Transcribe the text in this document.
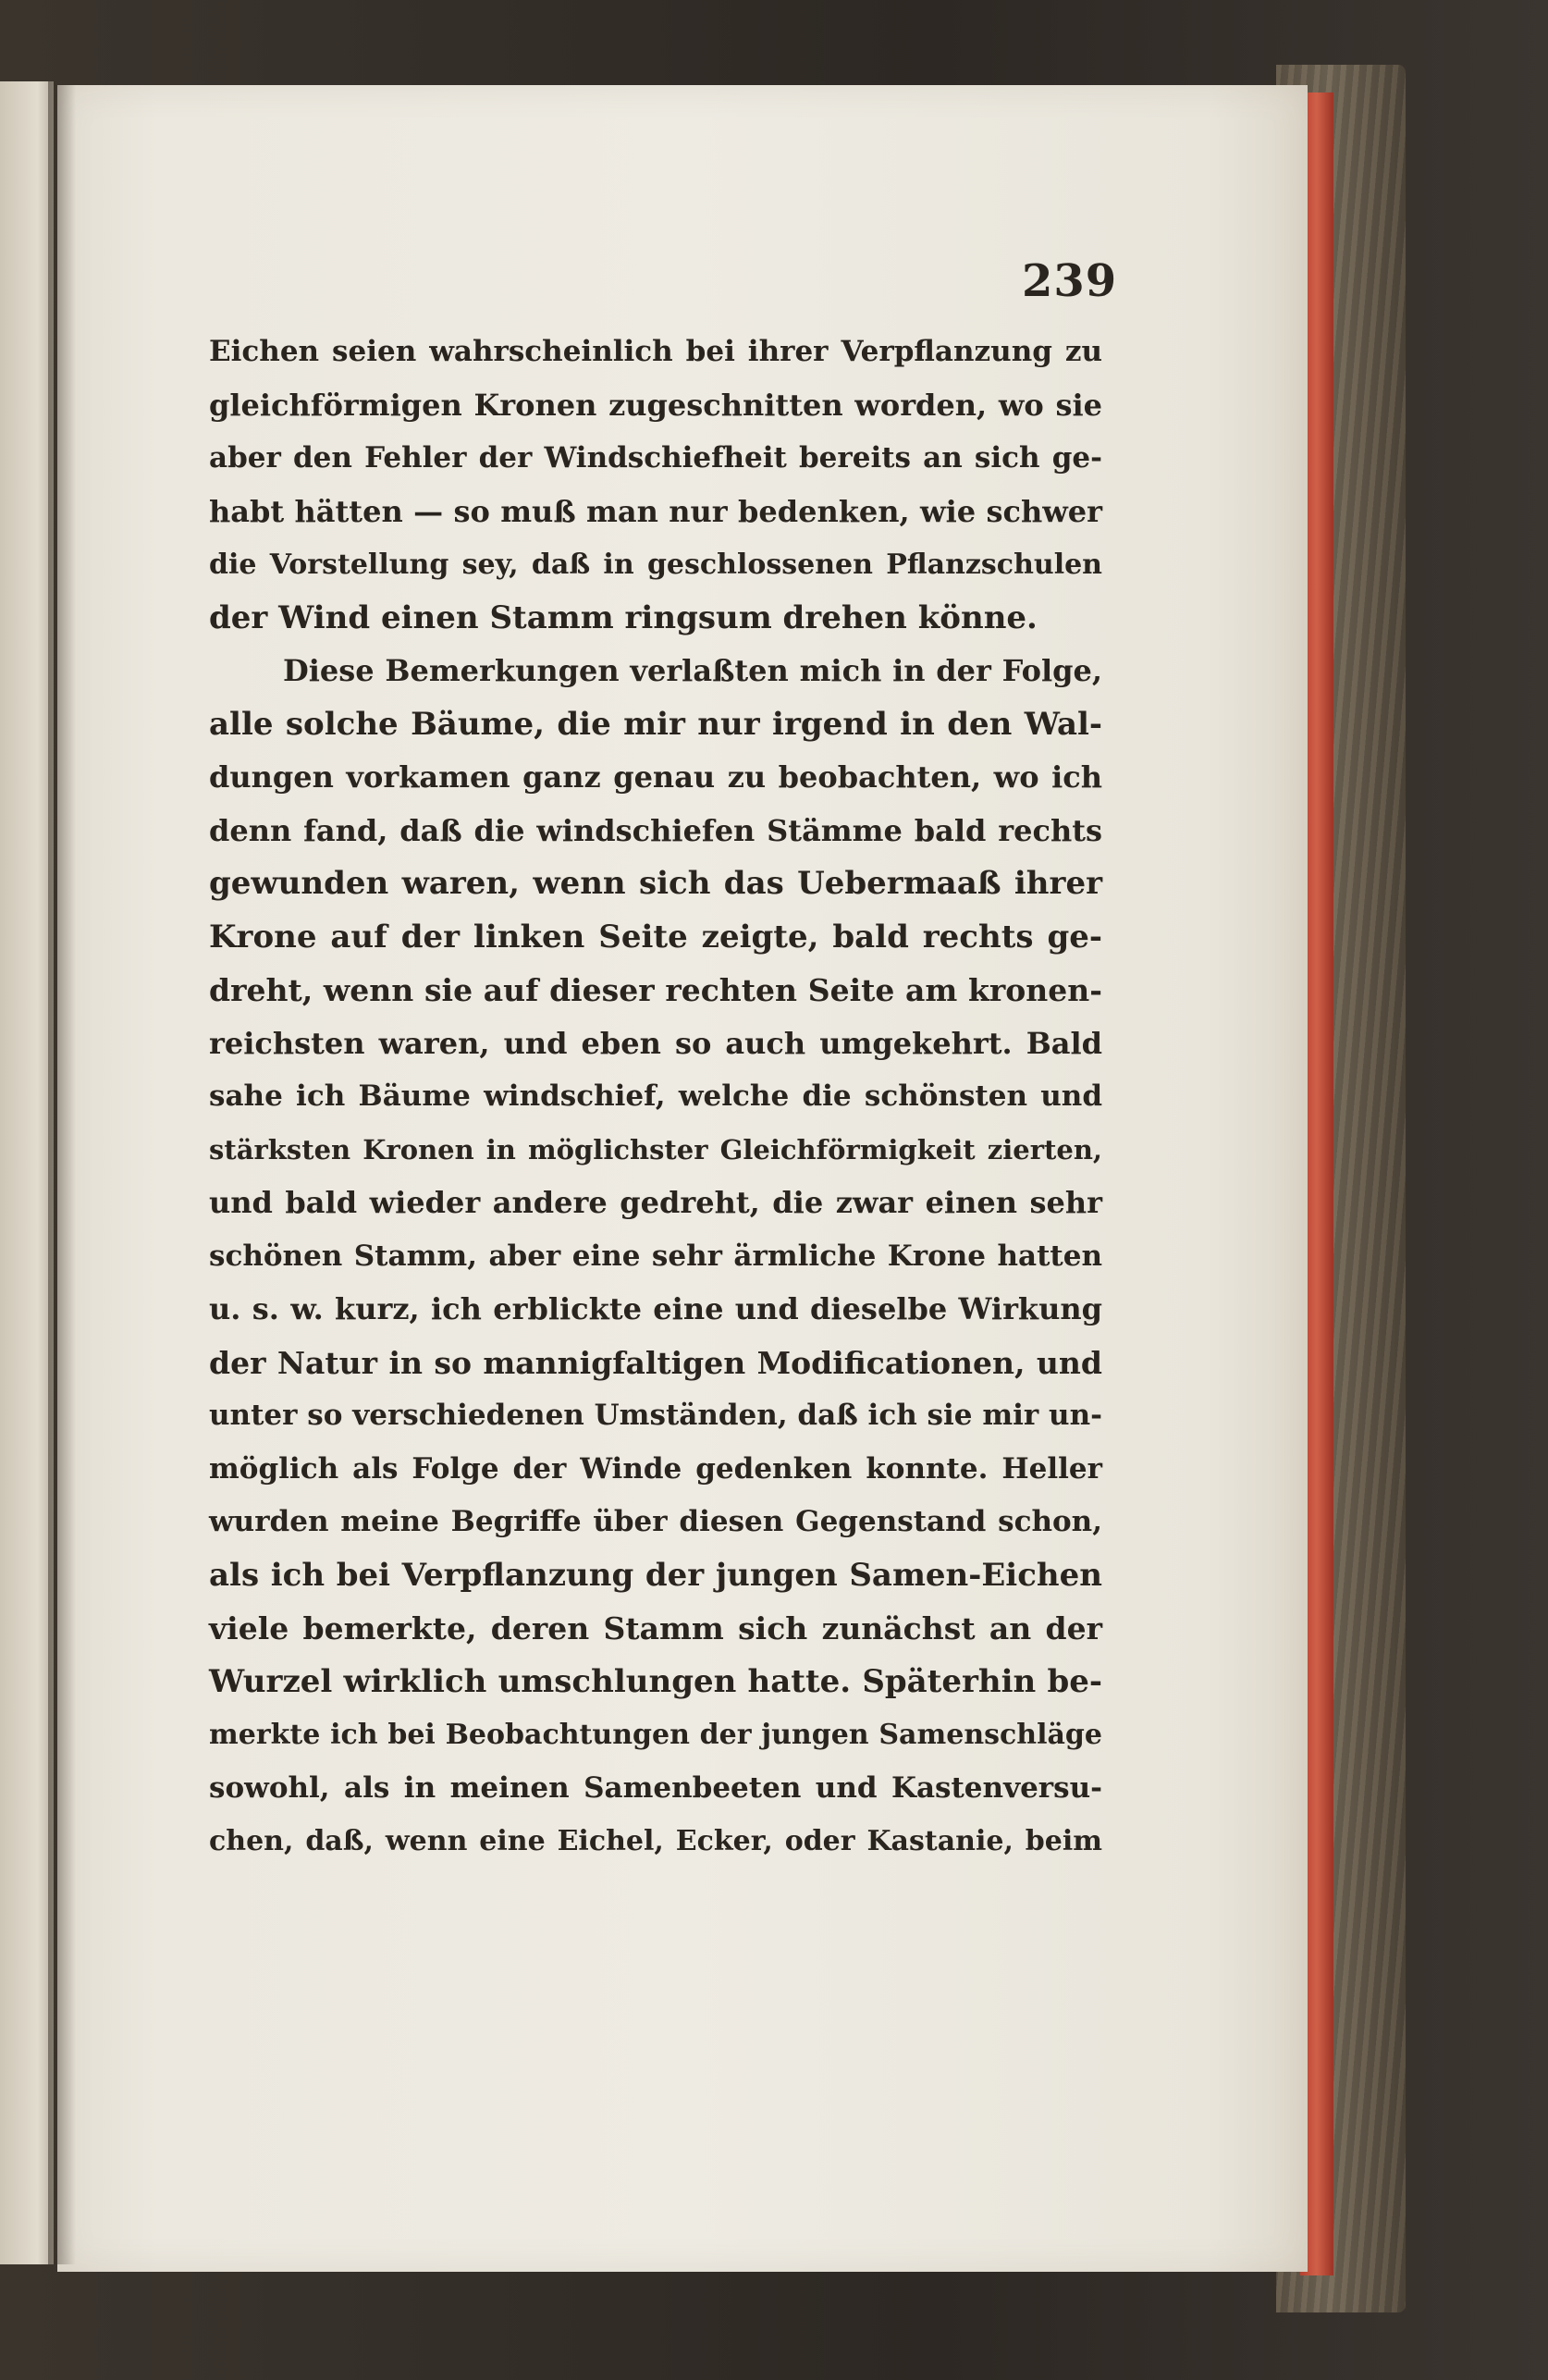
239
Eichen seien wahrscheinlich bei ihrer Verpflanzung zu
gleichförmigen Kronen zugeschnitten worden, wo sie
aber den Fehler der Windschiefheit bereits an sich ge-
habt hätten — so muß man nur bedenken, wie schwer
die Vorstellung sey, daß in geschlossenen Pflanzschulen
der Wind einen Stamm ringsum drehen könne.
Diese Bemerkungen verlaßten mich in der Folge,
alle solche Bäume, die mir nur irgend in den Wal-
dungen vorkamen ganz genau zu beobachten, wo ich
denn fand, daß die windschiefen Stämme bald rechts
gewunden waren, wenn sich das Uebermaaß ihrer
Krone auf der linken Seite zeigte, bald rechts ge-
dreht, wenn sie auf dieser rechten Seite am kronen-
reichsten waren, und eben so auch umgekehrt. Bald
sahe ich Bäume windschief, welche die schönsten und
stärksten Kronen in möglichster Gleichförmigkeit zierten,
und bald wieder andere gedreht, die zwar einen sehr
schönen Stamm, aber eine sehr ärmliche Krone hatten
u. s. w. kurz, ich erblickte eine und dieselbe Wirkung
der Natur in so mannigfaltigen Modificationen, und
unter so verschiedenen Umständen, daß ich sie mir un-
möglich als Folge der Winde gedenken konnte. Heller
wurden meine Begriffe über diesen Gegenstand schon,
als ich bei Verpflanzung der jungen Samen-Eichen
viele bemerkte, deren Stamm sich zunächst an der
Wurzel wirklich umschlungen hatte. Späterhin be-
merkte ich bei Beobachtungen der jungen Samenschläge
sowohl, als in meinen Samenbeeten und Kastenversu-
chen, daß, wenn eine Eichel, Ecker, oder Kastanie, beim
